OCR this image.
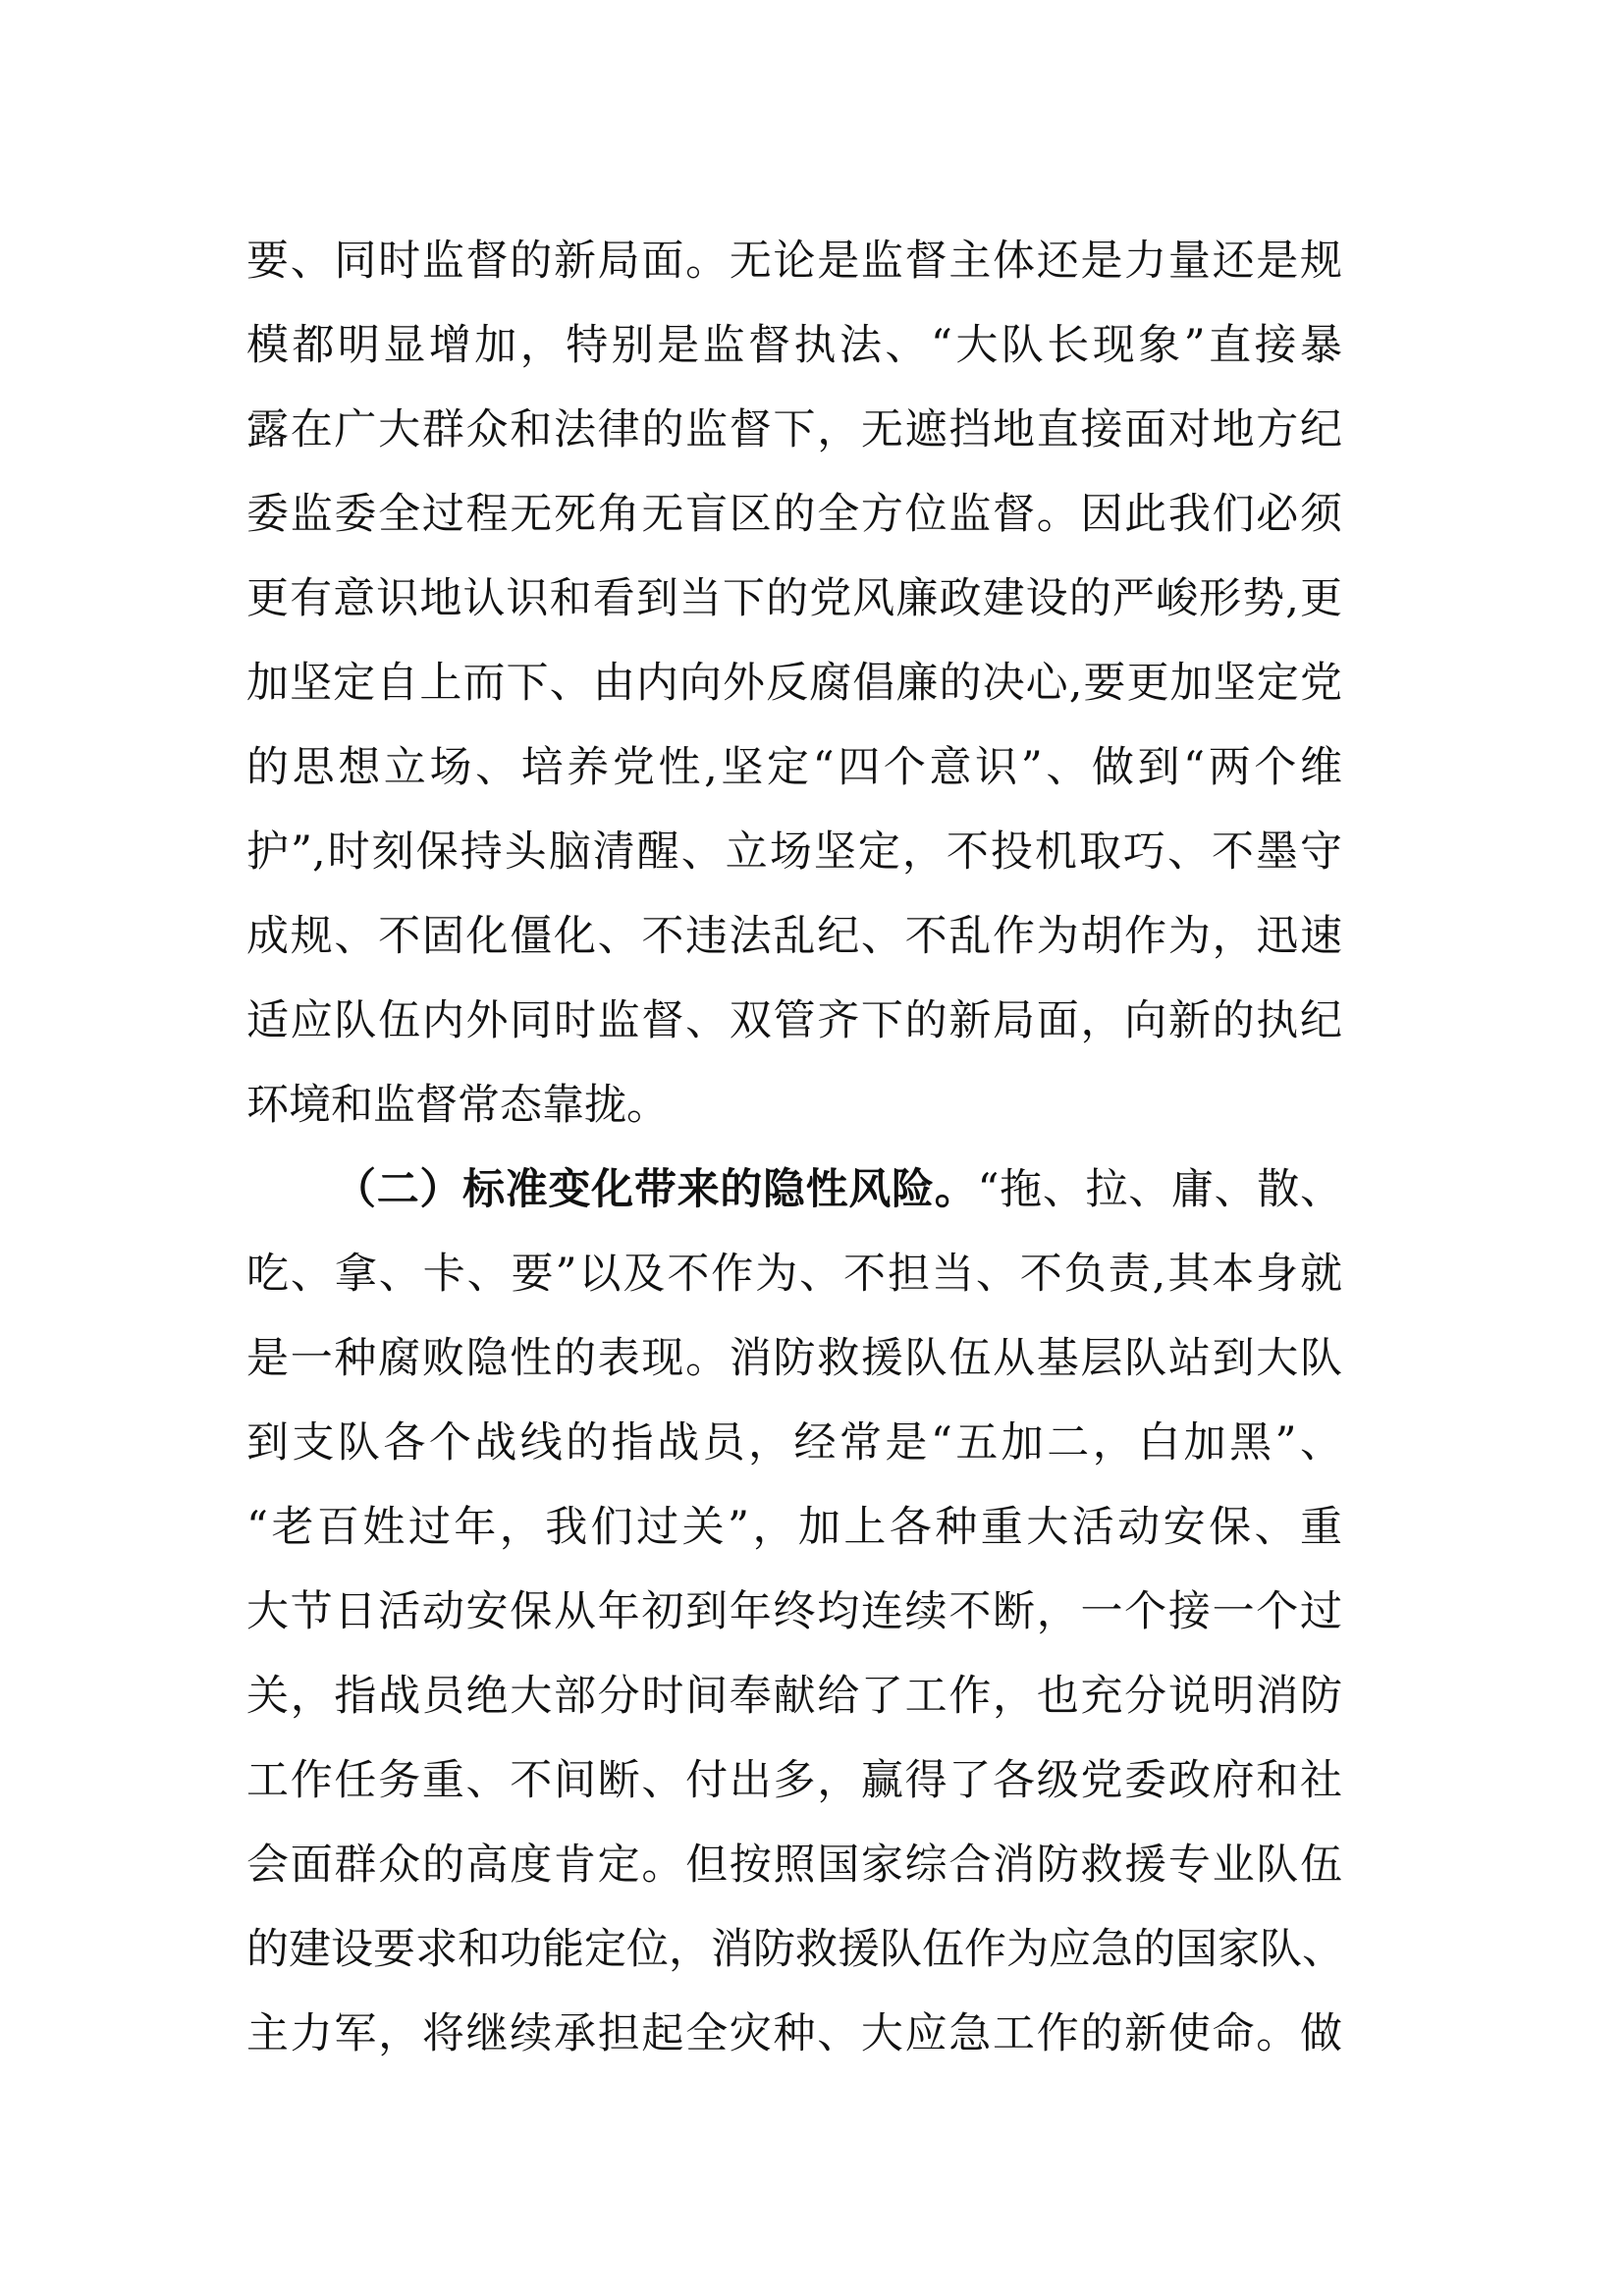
要、同时监督的新局面。无论是监督主体还是力量还是规
模都明显增加，特别是监督执法、“大队长现象”直接暴
露在广大群众和法律的监督下，无遮挡地直接面对地方纪
委监委全过程无死角无盲区的全方位监督。因此我们必须
更有意识地认识和看到当下的党风廉政建设的严峻形势,更
加坚定自上而下、由内向外反腐倡廉的决心,要更加坚定党
的思想立场、培养党性,坚定“四个意识”、做到“两个维
护”,时刻保持头脑清醒、立场坚定，不投机取巧、不墨守
成规、不固化僵化、不违法乱纪、不乱作为胡作为，迅速
适应队伍内外同时监督、双管齐下的新局面，向新的执纪
环境和监督常态靠拢。
（二）标准变化带来的隐性风险。“拖、拉、庸、散、
吃、拿、卡、要”以及不作为、不担当、不负责,其本身就
是一种腐败隐性的表现。消防救援队伍从基层队站到大队
到支队各个战线的指战员，经常是“五加二，白加黑”、
“老百姓过年，我们过关”，加上各种重大活动安保、重
大节日活动安保从年初到年终均连续不断，一个接一个过
关，指战员绝大部分时间奉献给了工作，也充分说明消防
工作任务重、不间断、付出多，赢得了各级党委政府和社
会面群众的高度肯定。但按照国家综合消防救援专业队伍
的建设要求和功能定位，消防救援队伍作为应急的国家队、
主力军，将继续承担起全灾种、大应急工作的新使命。做
